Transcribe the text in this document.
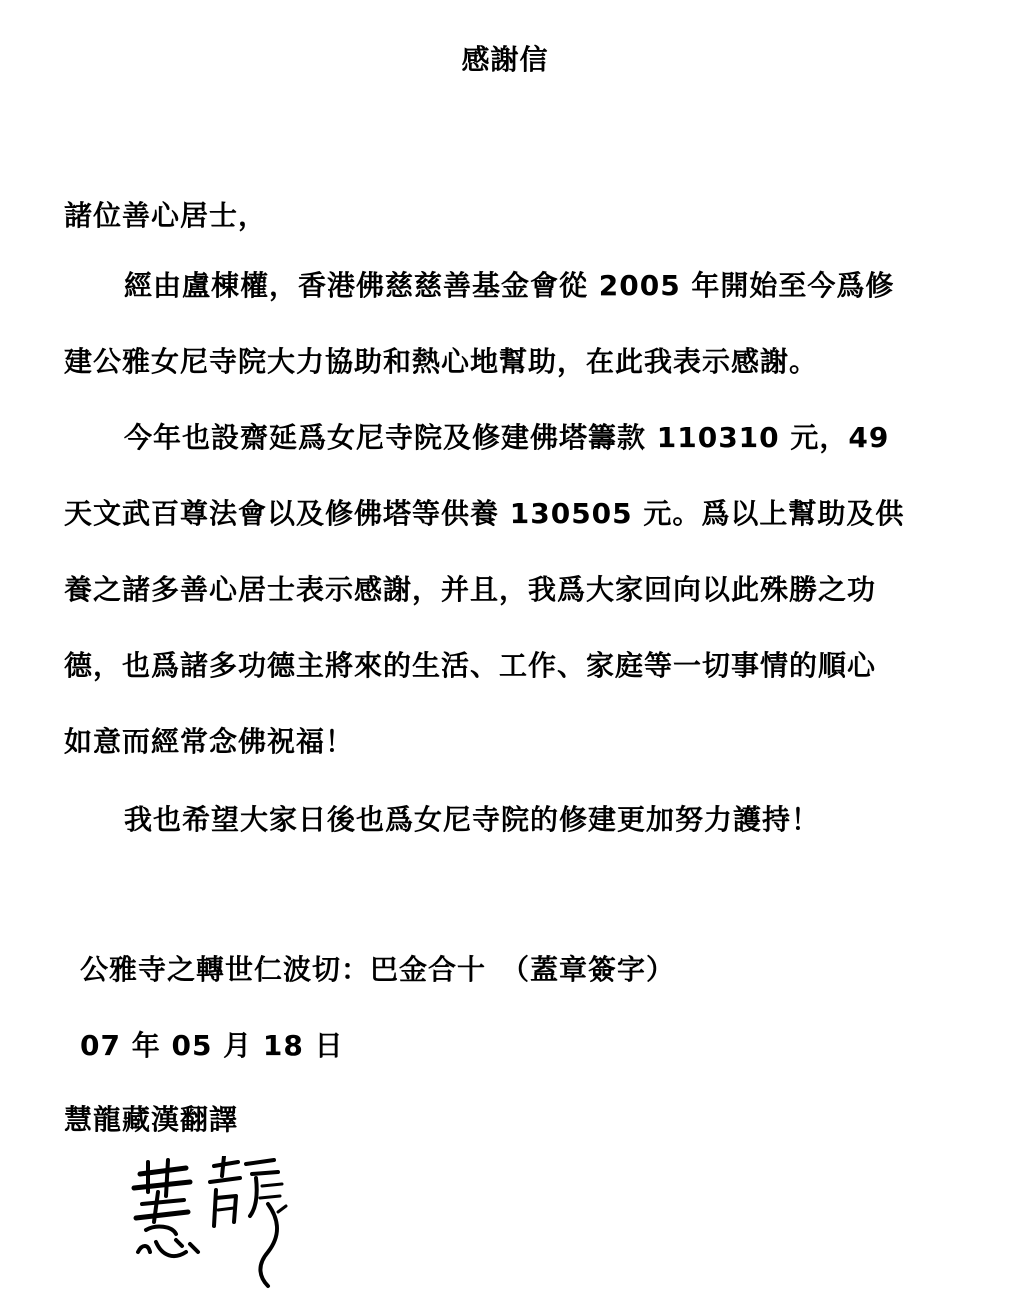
感謝信
諸位善心居士，
經由盧棟權，香港佛慈慈善基金會從 2005 年開始至今爲修
建公雅女尼寺院大力協助和熱心地幫助，在此我表示感謝。
今年也設齋延爲女尼寺院及修建佛塔籌款 110310 元，49
天文武百尊法會以及修佛塔等供養 130505 元。爲以上幫助及供
養之諸多善心居士表示感謝，并且，我爲大家回向以此殊勝之功
德，也爲諸多功德主將來的生活、工作、家庭等一切事情的順心
如意而經常念佛祝福！
我也希望大家日後也爲女尼寺院的修建更加努力護持！
公雅寺之轉世仁波切：巴金合十　（蓋章簽字）
07 年 05 月 18 日
慧龍藏漢翻譯
